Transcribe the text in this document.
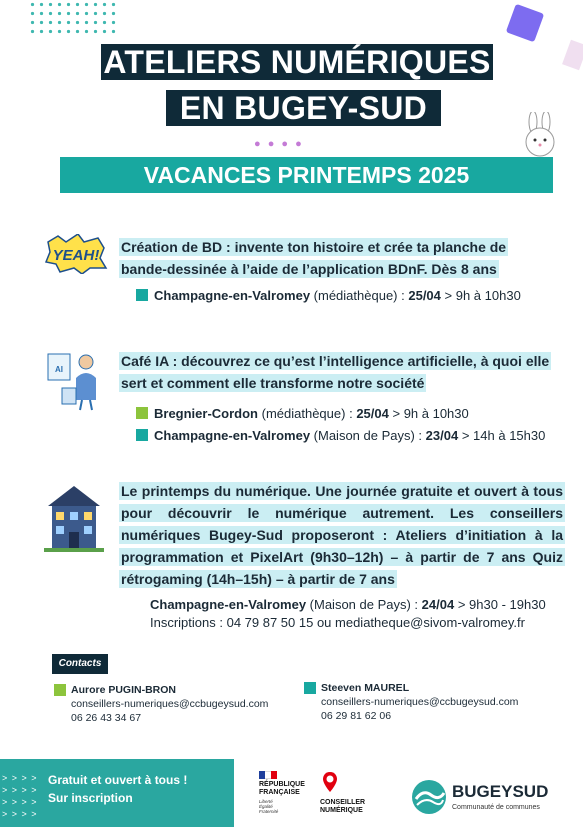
ATELIERS NUMÉRIQUES
EN BUGEY-SUD
● ● ● ●
VACANCES PRINTEMPS 2025
YEAH! Création de BD : invente ton histoire et crée ta planche de bande-dessinée à l’aide de l’application BDnF. Dès 8 ans
Champagne-en-Valromey (médiathèque) : 25/04 > 9h à 10h30
AI
Café IA : découvrez ce qu’est l’intelligence artificielle, à quoi elle sert et comment elle transforme notre société
Bregnier-Cordon (médiathèque) : 25/04 > 9h à 10h30
Champagne-en-Valromey (Maison de Pays) : 23/04 > 14h à 15h30
Le printemps du numérique. Une journée gratuite et ouvert à tous pour découvrir le numérique autrement. Les conseillers numériques Bugey-Sud proposeront : Ateliers d’initiation à la programmation et PixelArt (9h30–12h) – à partir de 7 ans Quiz rétrogaming (14h–15h) – à partir de 7 ans
Champagne-en-Valromey (Maison de Pays) : 24/04 > 9h30 - 19h30
Inscriptions : 04 79 87 50 15 ou mediatheque@sivom-valromey.fr
Contacts
Aurore PUGIN-BRON
conseillers-numeriques@ccbugeysud.com
06 26 43 34 67
Steeven MAUREL
conseillers-numeriques@ccbugeysud.com
06 29 81 62 06
> > > >
> > > >
> > > >
> > > >
Gratuit et ouvert à tous !
Sur inscription
RÉPUBLIQUE
FRANÇAISE
Liberté
Égalité
Fraternité
CONSEILLER
NUMÉRIQUE
BUGEYSUD
Communauté de communes
